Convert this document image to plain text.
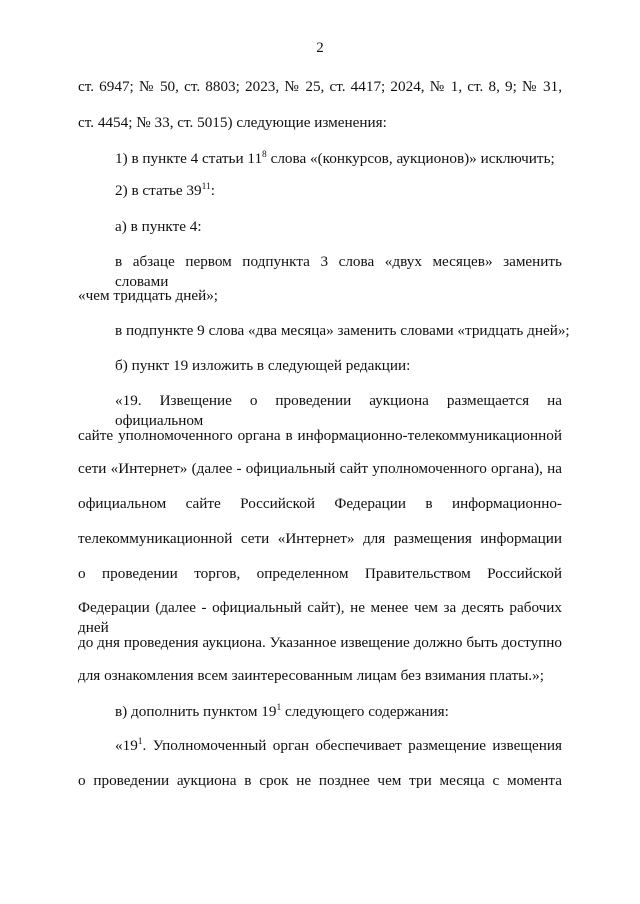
2
ст. 6947; № 50, ст. 8803; 2023, № 25, ст. 4417; 2024, № 1, ст. 8, 9; № 31,
ст. 4454; № 33, ст. 5015) следующие изменения:
1) в пункте 4 статьи $11^8$ слова «(конкурсов, аукционов)» исключить;
2) в статье $39^{11}$:
а) в пункте 4:
в абзаце первом подпункта 3 слова «двух месяцев» заменить словами
«чем тридцать дней»;
в подпункте 9 слова «два месяца» заменить словами «тридцать дней»;
б) пункт 19 изложить в следующей редакции:
«19. Извещение о проведении аукциона размещается на официальном
сайте уполномоченного органа в информационно-телекоммуникационной
сети «Интернет» (далее - официальный сайт уполномоченного органа), на
официальном сайте Российской Федерации в информационно-
телекоммуникационной сети «Интернет» для размещения информации
о проведении торгов, определенном Правительством Российской
Федерации (далее - официальный сайт), не менее чем за десять рабочих дней
до дня проведения аукциона. Указанное извещение должно быть доступно
для ознакомления всем заинтересованным лицам без взимания платы.»;
в) дополнить пунктом $19^1$ следующего содержания:
«$19^1$. Уполномоченный орган обеспечивает размещение извещения
о проведении аукциона в срок не позднее чем три месяца с момента
